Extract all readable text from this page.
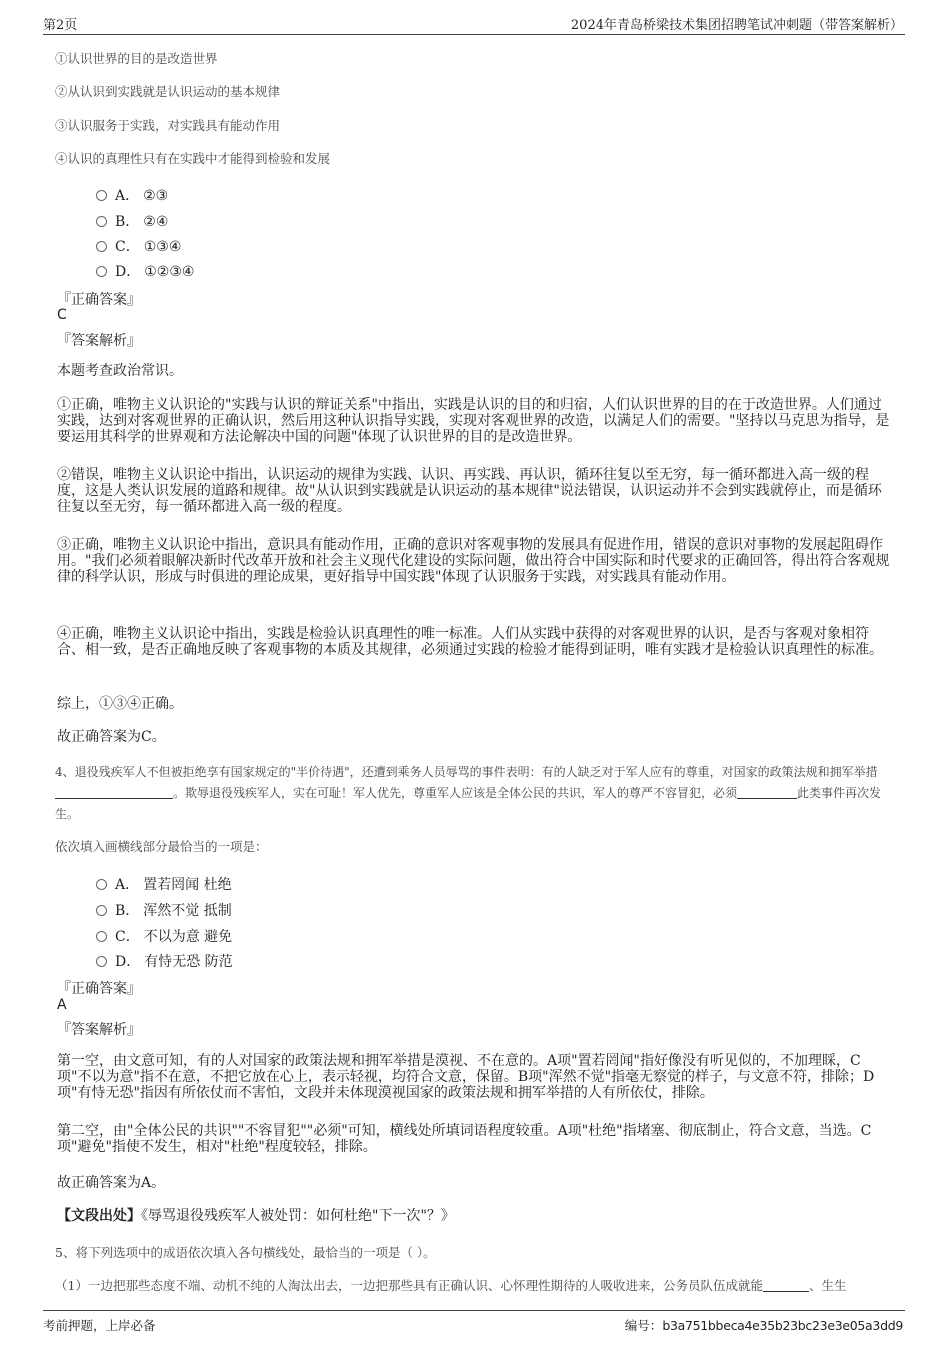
第2页	2024年青岛桥梁技术集团招聘笔试冲刺题（带答案解析）
①认识世界的目的是改造世界
②从认识到实践就是认识运动的基本规律
③认识服务于实践，对实践具有能动作用
④认识的真理性只有在实践中才能得到检验和发展
A． ②③
B． ②④
C． ①③④
D． ①②③④
『正确答案』
C
『答案解析』
本题考查政治常识。
①正确，唯物主义认识论的"实践与认识的辩证关系"中指出，实践是认识的目的和归宿，人们认识世界的目的在于改造世界。人们通过实践，达到对客观世界的正确认识，然后用这种认识指导实践，实现对客观世界的改造，以满足人们的需要。"坚持以马克思为指导，是要运用其科学的世界观和方法论解决中国的问题"体现了认识世界的目的是改造世界。
②错误，唯物主义认识论中指出，认识运动的规律为实践、认识、再实践、再认识，循环往复以至无穷，每一循环都进入高一级的程度，这是人类认识发展的道路和规律。故"从认识到实践就是认识运动的基本规律"说法错误，认识运动并不会到实践就停止，而是循环往复以至无穷，每一循环都进入高一级的程度。
③正确，唯物主义认识论中指出，意识具有能动作用，正确的意识对客观事物的发展具有促进作用，错误的意识对事物的发展起阻碍作用。"我们必须着眼解决新时代改革开放和社会主义现代化建设的实际问题，做出符合中国实际和时代要求的正确回答，得出符合客观规律的科学认识，形成与时俱进的理论成果，更好指导中国实践"体现了认识服务于实践，对实践具有能动作用。
④正确，唯物主义认识论中指出，实践是检验认识真理性的唯一标准。人们从实践中获得的对客观世界的认识，是否与客观对象相符合、相一致，是否正确地反映了客观事物的本质及其规律，必须通过实践的检验才能得到证明，唯有实践才是检验认识真理性的标准。
综上，①③④正确。
故正确答案为C。
4、退役残疾军人不但被拒绝享有国家规定的"半价待遇"，还遭到乘务人员辱骂的事件表明：有的人缺乏对于军人应有的尊重，对国家的政策法规和拥军举措。欺辱退役残疾军人，实在可耻！军人优先，尊重军人应该是全体公民的共识，军人的尊严不容冒犯，必须	此类事件再次发生。
依次填入画横线部分最恰当的一项是：
A． 置若罔闻 杜绝
B． 浑然不觉 抵制
C． 不以为意 避免
D． 有恃无恐 防范
『正确答案』
A
『答案解析』
第一空，由文意可知，有的人对国家的政策法规和拥军举措是漠视、不在意的。A项"置若罔闻"指好像没有听见似的，不加理睬，C项"不以为意"指不在意，不把它放在心上，表示轻视，均符合文意，保留。B项"浑然不觉"指毫无察觉的样子，与文意不符，排除；D项"有恃无恐"指因有所依仗而不害怕，文段并未体现漠视国家的政策法规和拥军举措的人有所依仗，排除。
第二空，由"全体公民的共识""不容冒犯""必须"可知，横线处所填词语程度较重。A项"杜绝"指堵塞、彻底制止，符合文意，当选。C项"避免"指使不发生，相对"杜绝"程度较轻，排除。
故正确答案为A。
【文段出处】《辱骂退役残疾军人被处罚：如何杜绝"下一次"？》
5、将下列选项中的成语依次填入各句横线处，最恰当的一项是（ ）。
（1）一边把那些态度不端、动机不纯的人淘汰出去，一边把那些具有正确认识、心怀理性期待的人吸收进来，公务员队伍成就能	、生生
考前押题，上岸必备	编号：b3a751bbeca4e35b23bc23e3e05a3dd9
